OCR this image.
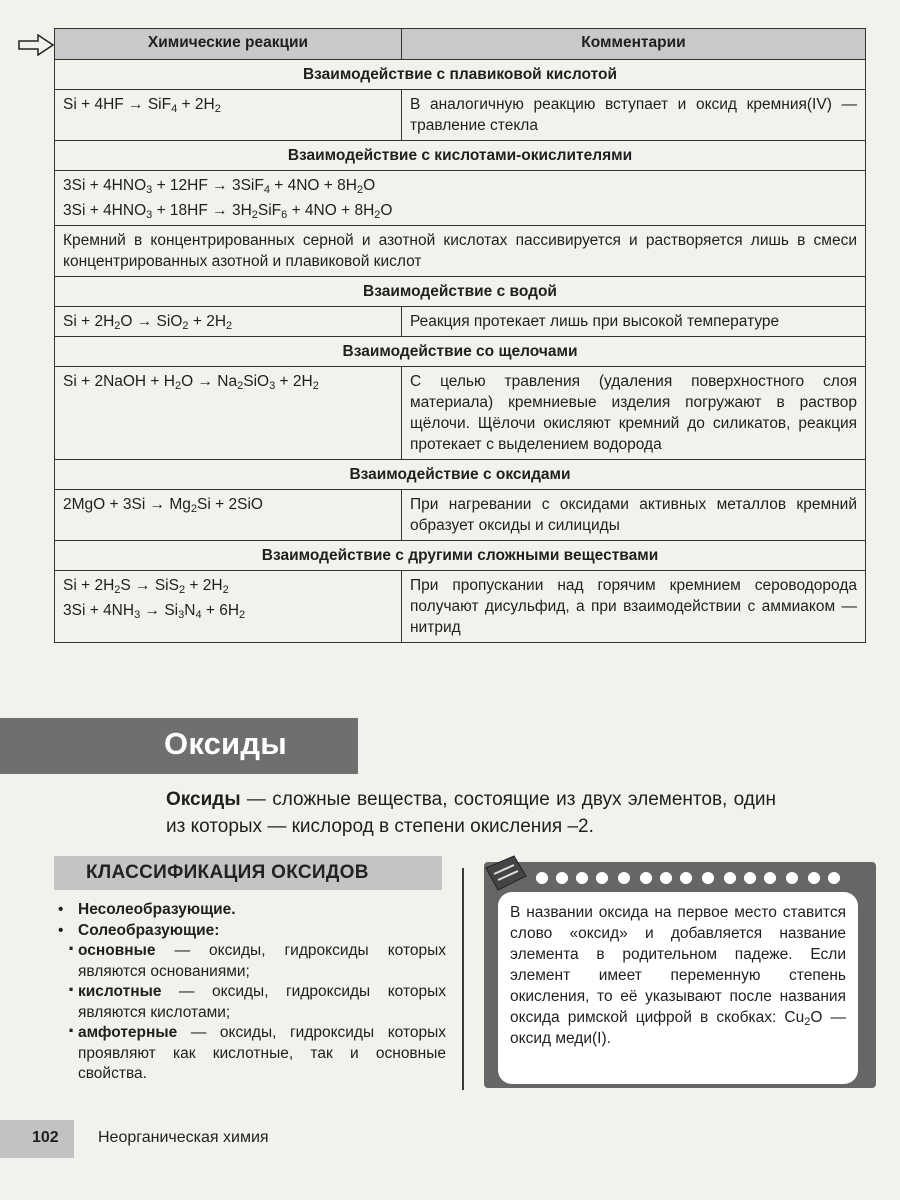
Химические реакции	Комментарии
Взаимодействие с плавиковой кислотой	

$Si + 4HF \to SiF_4 + 2H_2$	В аналогичную реакцию вступает и оксид кремния(IV) — травление стекла
Взаимодействие с кислотами-окислителями	

$3Si + 4HNO_3 + 12HF \to 3SiF_4 + 4NO + 8H_2O$
$3Si + 4HNO_3 + 18HF \to 3H_2SiF_6 + 4NO + 8H_2O$	

Кремний в концентрированных серной и азотной кислотах пассивируется и растворяется лишь в смеси концентрированных азотной и плавиковой кислот	
Взаимодействие с водой	

$Si + 2H_2O \to SiO_2 + 2H_2$	Реакция протекает лишь при высокой температуре
Взаимодействие со щелочами	

Si + 2NaOH + $H_2O \to Na_2SiO_3 + 2H_2$	С целью травления (удаления поверхностного слоя материала) кремниевые изделия погружают в раствор щёлочи. Щёлочи окисляют кремний до силикатов, реакция протекает с выделением водорода
Взаимодействие с оксидами	

$2MgO + 3Si \to Mg_2Si + 2SiO$	При нагревании с оксидами активных металлов кремний образует оксиды и силициды
Взаимодействие с другими сложными веществами	

$Si + 2H_2S \to SiS_2 + 2H_2$
$3Si + 4NH_3 \to Si_3N_4 + 6H_2$	При пропускании над горячим кремнием сероводорода получают дисульфид, а при взаимодействии с аммиаком — нитрид
Оксиды
Оксиды — сложные вещества, состоящие из двух элементов, один из которых — кислород в степени окисления –2.
КЛАССИФИКАЦИЯ ОКСИДОВ
• Несолеобразующие.
• Солеобразующие:
· основные — оксиды, гидроксиды которых являются основаниями;
· кислотные — оксиды, гидроксиды которых являются кислотами;
· амфотерные — оксиды, гидроксиды которых проявляют как кислотные, так и основные свойства.
В названии оксида на первое место ставится слово «оксид» и добавляется название элемента в родительном падеже. Если элемент имеет переменную степень окисления, то её указывают после названия оксида римской цифрой в скобках: $Cu_2O$ — оксид меди(I).
102 Неорганическая химия
